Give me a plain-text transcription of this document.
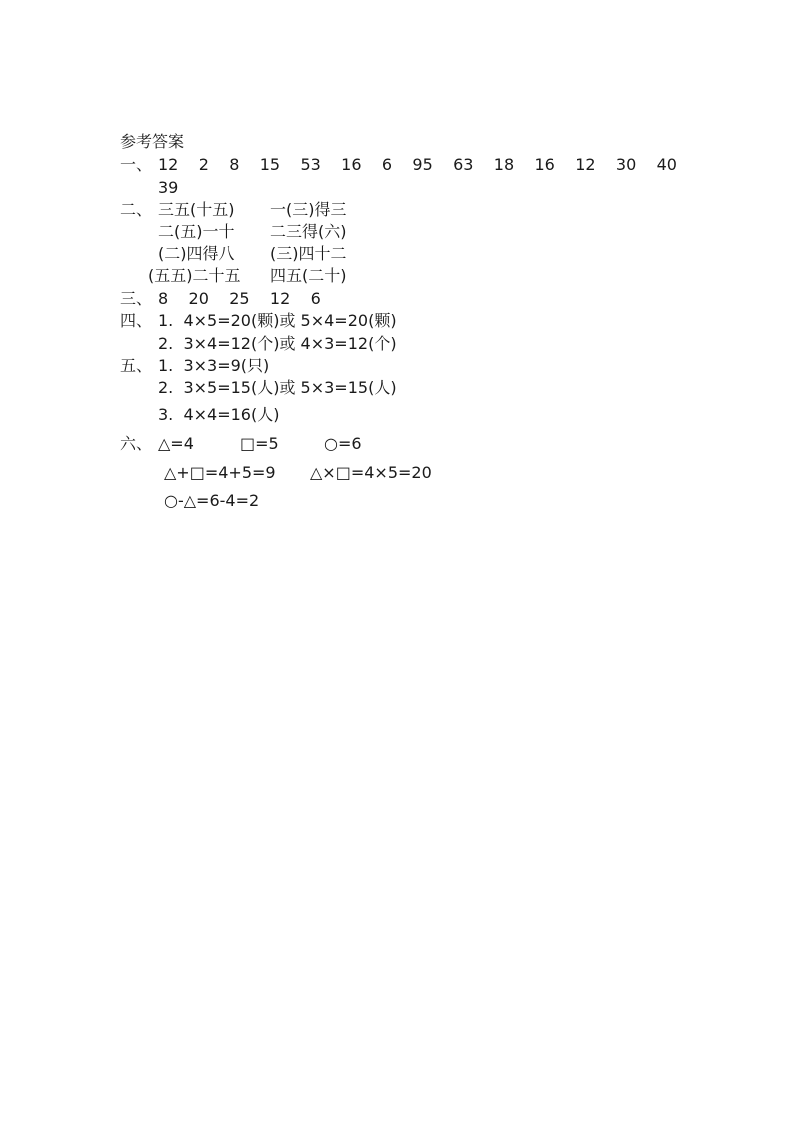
参考答案
一、 12    2    8    15    53    16    6    95    63    18    16    12    30    40
39
二、 三五(十五) 一(三)得三
二(五)一十 二三得(六)
(二)四得八 (三)四十二
(五五)二十五 四五(二十)
三、 8    20    25    12    6
四、 1.  4×5=20(颗)或 5×4=20(颗)
2.  3×4=12(个)或 4×3=12(个)
五、 1.  3×3=9(只)
2.  3×5=15(人)或 5×3=15(人)
3.  4×4=16(人)
六、 △=4	□=5	○=6
△+□=4+5=9 △×□=4×5=20
○-△=6-4=2
